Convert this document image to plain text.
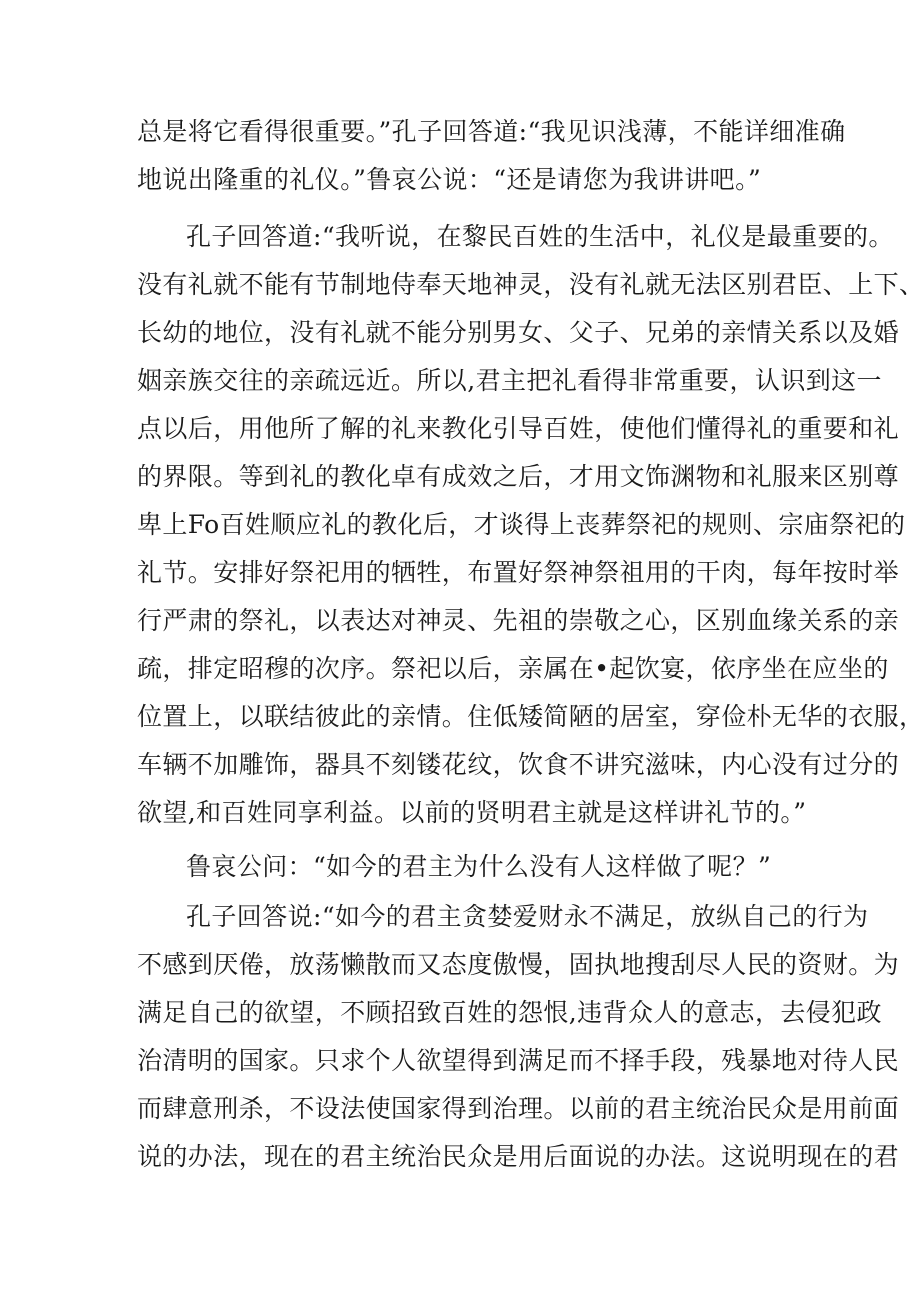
总是将它看得很重要。”孔子回答道:“我见识浅薄，不能详细准确
地说出隆重的礼仪。”鲁哀公说：“还是请您为我讲讲吧。”
孔子回答道:“我听说，在黎民百姓的生活中，礼仪是最重要的。
没有礼就不能有节制地侍奉天地神灵，没有礼就无法区别君臣、上下、
长幼的地位，没有礼就不能分别男女、父子、兄弟的亲情关系以及婚
姻亲族交往的亲疏远近。所以,君主把礼看得非常重要，认识到这一
点以后，用他所了解的礼来教化引导百姓，使他们懂得礼的重要和礼
的界限。等到礼的教化卓有成效之后，才用文饰渊物和礼服来区别尊
卑上Fo百姓顺应礼的教化后，才谈得上丧葬祭祀的规则、宗庙祭祀的
礼节。安排好祭祀用的牺牲，布置好祭神祭祖用的干肉，每年按时举
行严肃的祭礼，以表达对神灵、先祖的崇敬之心，区别血缘关系的亲
疏，排定昭穆的次序。祭祀以后，亲属在•起饮宴，依序坐在应坐的
位置上，以联结彼此的亲情。住低矮简陋的居室，穿俭朴无华的衣服，
车辆不加雕饰，器具不刻镂花纹，饮食不讲究滋味，内心没有过分的
欲望,和百姓同享利益。以前的贤明君主就是这样讲礼节的。”
鲁哀公问：“如今的君主为什么没有人这样做了呢？”
孔子回答说:“如今的君主贪婪爱财永不满足，放纵自己的行为
不感到厌倦，放荡懒散而又态度傲慢，固执地搜刮尽人民的资财。为
满足自己的欲望，不顾招致百姓的怨恨,违背众人的意志，去侵犯政
治清明的国家。只求个人欲望得到满足而不择手段，残暴地对待人民
而肆意刑杀，不设法使国家得到治理。以前的君主统治民众是用前面
说的办法，现在的君主统治民众是用后面说的办法。这说明现在的君
